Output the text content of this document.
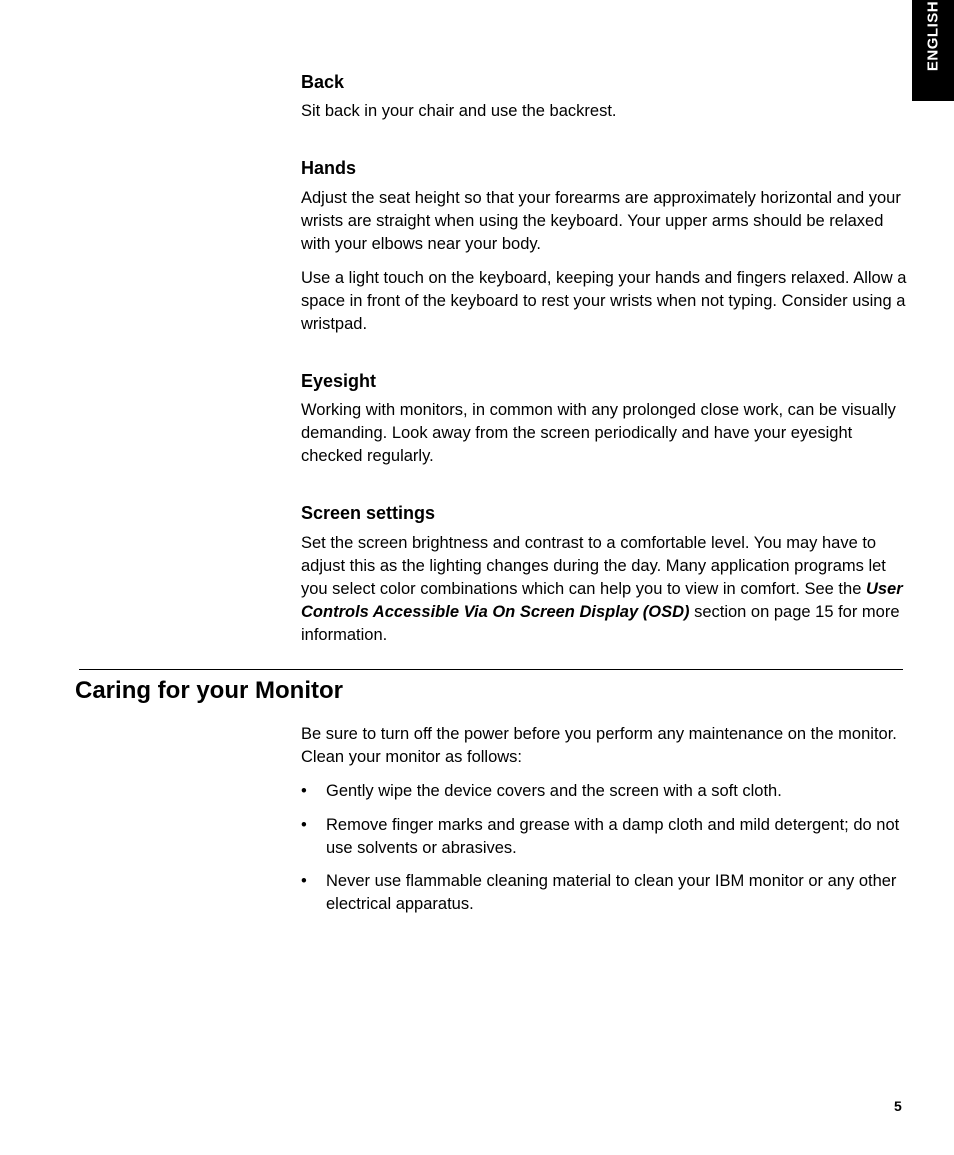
ENGLISH
Back

Sit back in your chair and use the backrest.

Hands

Adjust the seat height so that your forearms are approximately horizontal and your wrists are straight when using the keyboard. Your upper arms should be relaxed with your elbows near your body.

Use a light touch on the keyboard, keeping your hands and fingers relaxed. Allow a space in front of the keyboard to rest your wrists when not typing. Consider using a wristpad.

Eyesight

Working with monitors, in common with any prolonged close work, can be visually demanding. Look away from the screen periodically and have your eyesight checked regularly.

Screen settings

Set the screen brightness and contrast to a comfortable level. You may have to adjust this as the lighting changes during the day. Many application programs let you select color combinations which can help you to view in comfort. See the User Controls Accessible Via On Screen Display (OSD) section on page 15 for more information.

Caring for your Monitor

Be sure to turn off the power before you perform any maintenance on the monitor. Clean your monitor as follows:

• Gently wipe the device covers and the screen with a soft cloth.
• Remove finger marks and grease with a damp cloth and mild detergent; do not use solvents or abrasives.
• Never use flammable cleaning material to clean your IBM monitor or any other electrical apparatus.
5
